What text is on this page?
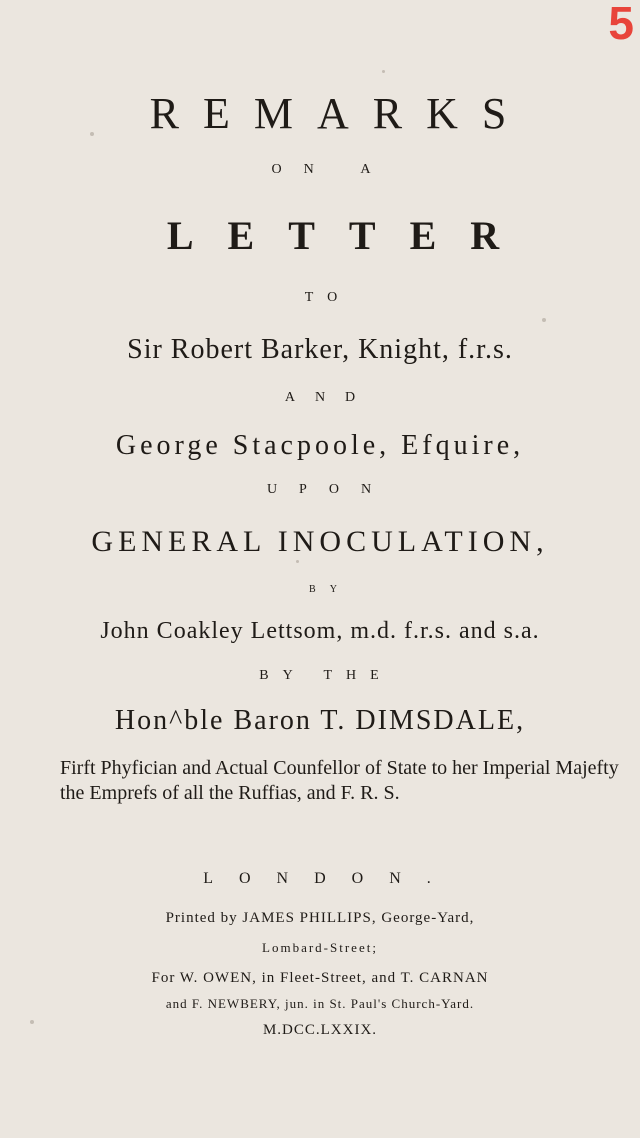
5
REMARKS
ON A
LETTER
TO
Sir Robert Barker, Knight, f.r.s.
AND
George Stacpoole, Efquire,
UPON
GENERAL INOCULATION,
BY
John Coakley Lettsom, m.d. f.r.s. and s.a.
BY THE
Hon^ble Baron T. DIMSDALE,
Firft Phyfician and Actual Counfellor of State to her Imperial Majefty the Emprefs of all the Ruffias, and F. R. S.
LONDON.
Printed by JAMES PHILLIPS, George-Yard,
Lombard-Street;
For W. OWEN, in Fleet-Street, and T. CARNAN
and F. NEWBERY, jun. in St. Paul's Church-Yard.
M.DCC.LXXIX.
